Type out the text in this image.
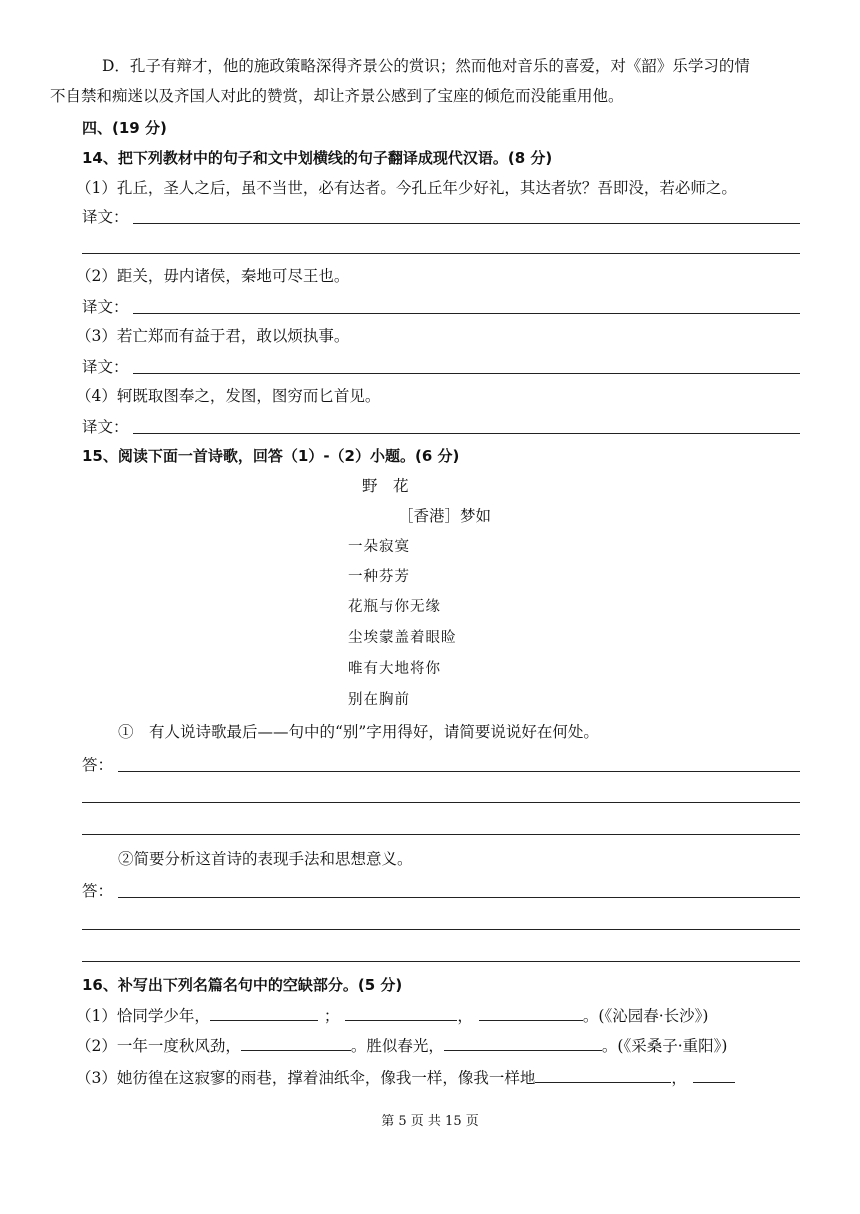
D．孔子有辩才，他的施政策略深得齐景公的赏识；然而他对音乐的喜爱，对《韶》乐学习的情
不自禁和痴迷以及齐国人对此的赞赏，却让齐景公感到了宝座的倾危而没能重用他。
四、(19 分)
14、把下列教材中的句子和文中划横线的句子翻译成现代汉语。(8 分)
（1）孔丘，圣人之后，虽不当世，必有达者。今孔丘年少好礼，其达者欤？吾即没，若必师之。
译文：
（2）距关，毋内诸侯，秦地可尽王也。
译文：
（3）若亡郑而有益于君，敢以烦执事。
译文：
（4）轲既取图奉之，发图，图穷而匕首见。
译文：
15、阅读下面一首诗歌，回答（1）-（2）小题。(6 分)
野　花
［香港］梦如
一朵寂寞
一种芬芳
花瓶与你无缘
尘埃蒙盖着眼睑
唯有大地将你
别在胸前
①　有人说诗歌最后——句中的“别”字用得好，请简要说说好在何处。
答：
②简要分析这首诗的表现手法和思想意义。
答：
16、补写出下列名篇名句中的空缺部分。(5 分)
（1）恰同学少年，	；	，	。(《沁园春·长沙》)
（2）一年一度秋风劲，	。胜似春光，	。(《采桑子·重阳》)
（3）她彷徨在这寂寥的雨巷，撑着油纸伞，像我一样，像我一样地	，
第 5 页 共 15 页
